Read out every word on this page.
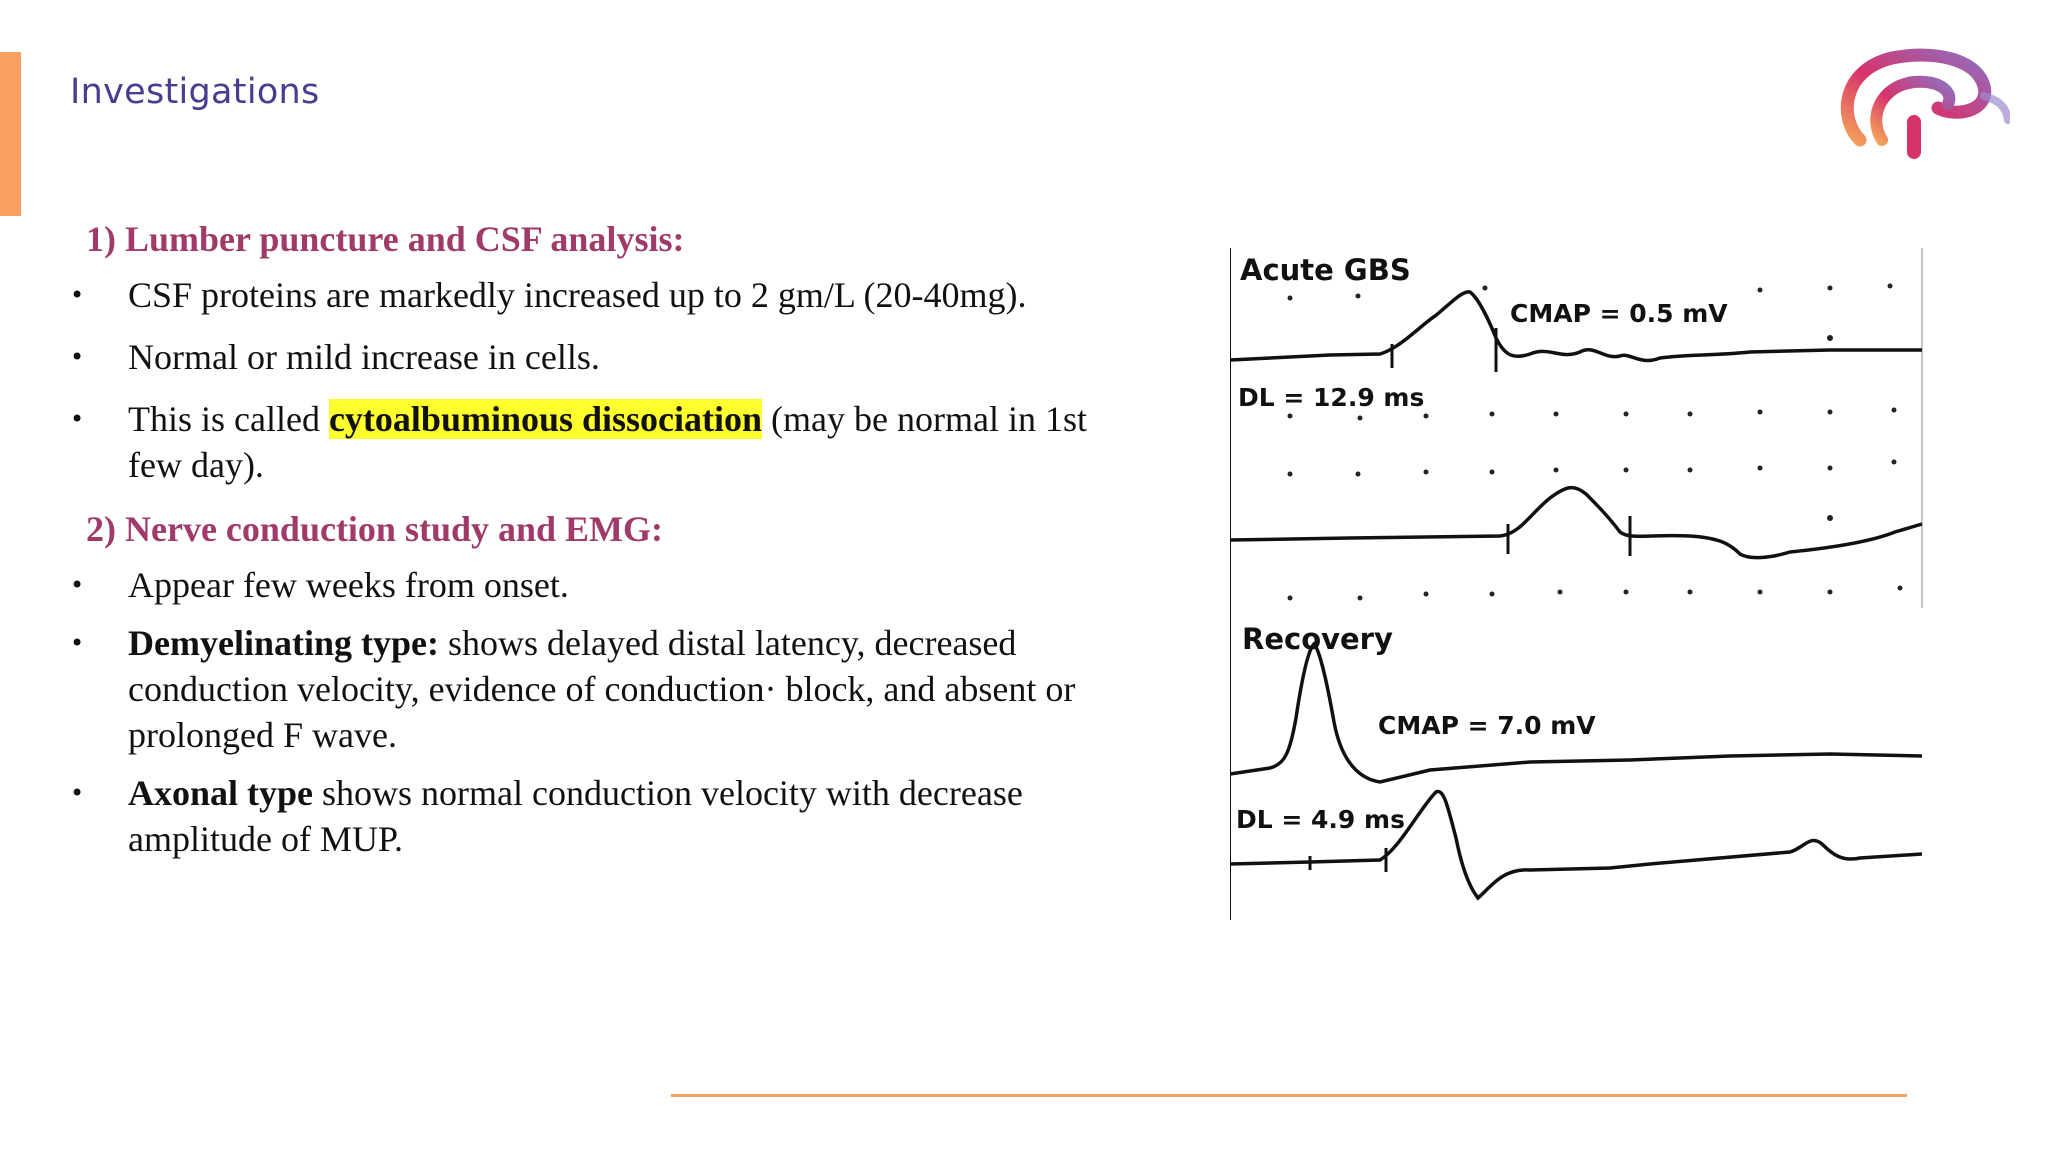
Investigations
1) Lumber puncture and CSF analysis:
• CSF proteins are markedly increased up to 2 gm/L (20-40mg).
• Normal or mild increase in cells.
• This is called cytoalbuminous dissociation (may be normal in 1st
few day).
2) Nerve conduction study and EMG:
• Appear few weeks from onset.
• Demyelinating type: shows delayed distal latency, decreased
conduction velocity, evidence of conduction· block, and absent or
prolonged F wave.
• Axonal type shows normal conduction velocity with decrease
amplitude of MUP.
Acute GBS
CMAP = 0.5 mV
DL = 12.9 ms
Recovery
CMAP = 7.0 mV
DL = 4.9 ms
